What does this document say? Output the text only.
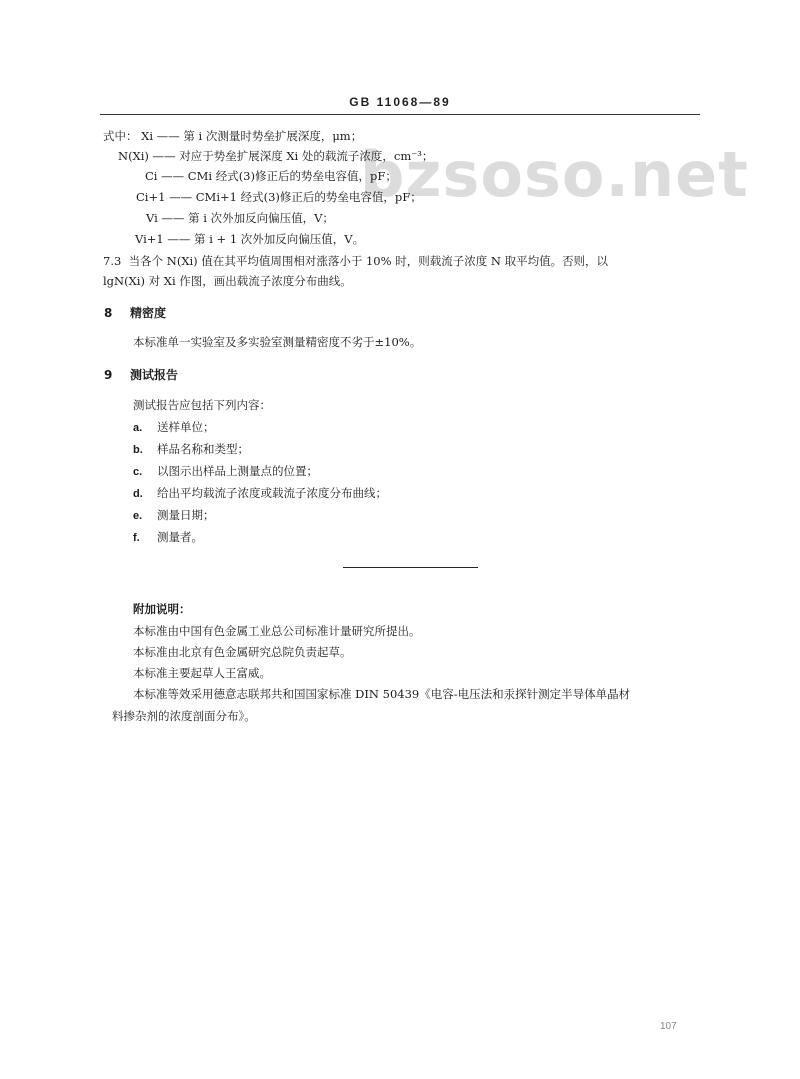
GB 11068—89
bzsoso.net
式中： Xi —— 第 i 次测量时势垒扩展深度，μm；
N(Xi) —— 对应于势垒扩展深度 Xi 处的载流子浓度，cm⁻³；
Ci —— CMi 经式(3)修正后的势垒电容值，pF；
Ci+1 —— CMi+1 经式(3)修正后的势垒电容值，pF；
Vi —— 第 i 次外加反向偏压值，V；
Vi+1 —— 第 i + 1 次外加反向偏压值，V。
7.3 当各个 N(Xi) 值在其平均值周围相对涨落小于 10% 时，则载流子浓度 N 取平均值。否则，以
lgN(Xi) 对 Xi 作图，画出载流子浓度分布曲线。
8 精密度
本标准单一实验室及多实验室测量精密度不劣于±10%。
9 测试报告
测试报告应包括下列内容：
a. 送样单位；
b. 样品名称和类型；
c. 以图示出样品上测量点的位置；
d. 给出平均载流子浓度或载流子浓度分布曲线；
e. 测量日期；
f. 测量者。
附加说明：
本标准由中国有色金属工业总公司标准计量研究所提出。
本标准由北京有色金属研究总院负责起草。
本标准主要起草人王富威。
本标准等效采用德意志联邦共和国国家标准 DIN 50439《电容-电压法和汞探针测定半导体单晶材
料掺杂剂的浓度剖面分布》。
107
